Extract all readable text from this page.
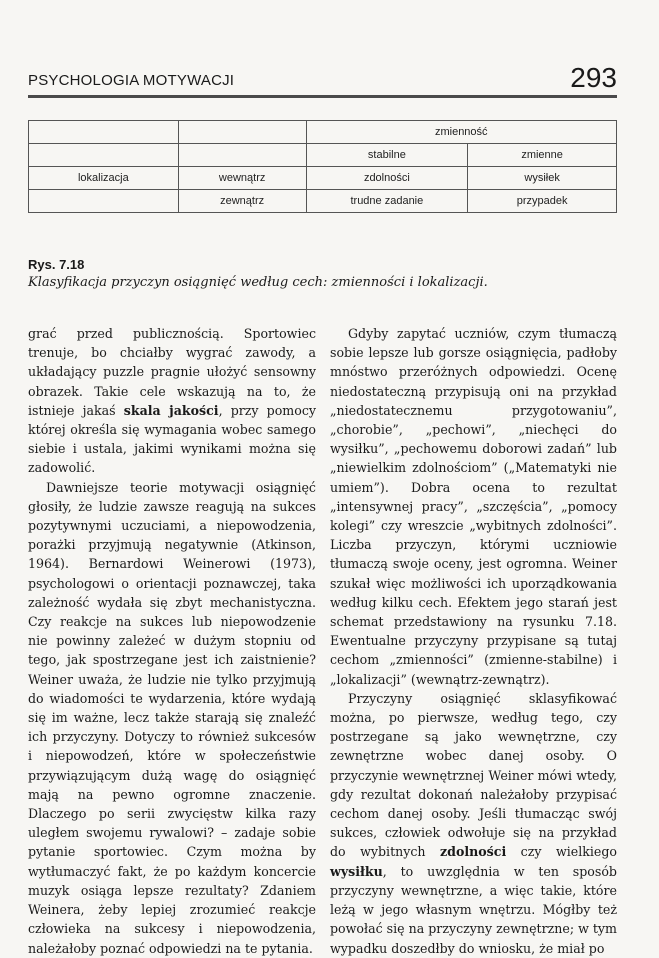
PSYCHOLOGIA MOTYWACJI	293
		zmienność	
		stabilne	zmienne
lokalizacja	wewnątrz	zdolności	wysiłek
	zewnątrz	trudne zadanie	przypadek
Rys. 7.18
Klasyfikacja przyczyn osiągnięć według cech: zmienności i lokalizacji.

grać przed publicznością. Sportowiec trenuje, bo chciałby wygrać zawody, a układający puzzle pragnie ułożyć sensowny obrazek. Takie cele wskazują na to, że istnieje jakaś skala jakości, przy pomocy której określa się wymagania wobec samego siebie i ustala, jakimi wynikami można się zadowolić.

Dawniejsze teorie motywacji osiągnięć głosiły, że ludzie zawsze reagują na sukces pozytywnymi uczuciami, a niepowodzenia, porażki przyjmują negatywnie (Atkinson, 1964). Bernardowi Weinerowi (1973), psychologowi o orientacji poznawczej, taka zależność wydała się zbyt mechanistyczna. Czy reakcje na sukces lub niepowodzenie nie powinny zależeć w dużym stopniu od tego, jak spostrzegane jest ich zaistnienie? Weiner uważa, że ludzie nie tylko przyjmują do wiadomości te wydarzenia, które wydają się im ważne, lecz także starają się znaleźć ich przyczyny. Dotyczy to również sukcesów i niepowodzeń, które w społeczeństwie przywiązującym dużą wagę do osiągnięć mają na pewno ogromne znaczenie. Dlaczego po serii zwycięstw kilka razy uległem swojemu rywalowi? – zadaje sobie pytanie sportowiec. Czym można by wytłumaczyć fakt, że po każdym koncercie muzyk osiąga lepsze rezultaty? Zdaniem Weinera, żeby lepiej zrozumieć reakcje człowieka na sukcesy i niepowodzenia, należałoby poznać odpowiedzi na te pytania.

Gdyby zapytać uczniów, czym tłumaczą sobie lepsze lub gorsze osiągnięcia, padłoby mnóstwo przeróżnych odpowiedzi. Ocenę niedostateczną przypisują oni na przykład „niedostatecznemu przygotowaniu”, „chorobie”, „pechowi”, „niechęci do wysiłku”, „pechowemu doborowi zadań” lub „niewielkim zdolnościom” („Matematyki nie umiem”). Dobra ocena to rezultat „intensywnej pracy”, „szczęścia”, „pomocy kolegi” czy wreszcie „wybitnych zdolności”. Liczba przyczyn, którymi uczniowie tłumaczą swoje oceny, jest ogromna. Weiner szukał więc możliwości ich uporządkowania według kilku cech. Efektem jego starań jest schemat przedstawiony na rysunku 7.18. Ewentualne przyczyny przypisane są tutaj cechom „zmienności” (zmienne-stabilne) i „lokalizacji” (wewnątrz-zewnątrz).

Przyczyny osiągnięć sklasyfikować można, po pierwsze, według tego, czy postrzegane są jako wewnętrzne, czy zewnętrzne wobec danej osoby. O przyczynie wewnętrznej Weiner mówi wtedy, gdy rezultat dokonań należałoby przypisać cechom danej osoby. Jeśli tłumacząc swój sukces, człowiek odwołuje się na przykład do wybitnych zdolności czy wielkiego wysiłku, to uwzględnia w ten sposób przyczyny wewnętrzne, a więc takie, które leżą w jego własnym wnętrzu. Mógłby też powołać się na przyczyny zewnętrzne; w tym wypadku doszedłby do wniosku, że miał po
